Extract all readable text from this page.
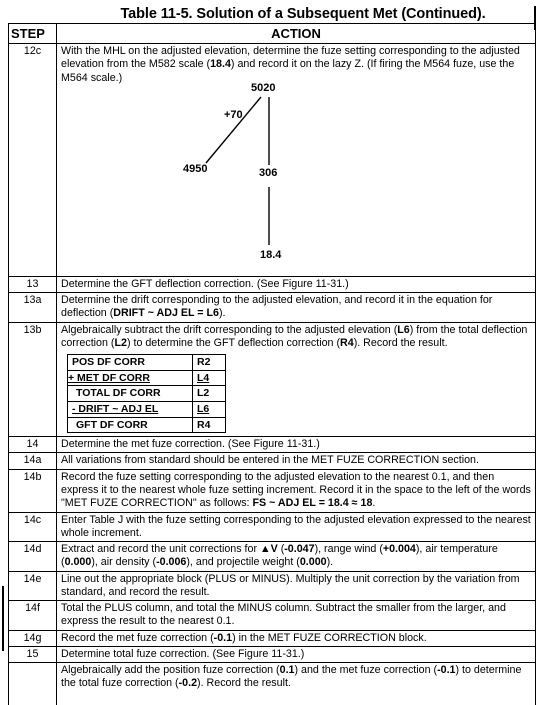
Table 11-5. Solution of a Subsequent Met (Continued).
STEP	ACTION
12c	With the MHL on the adjusted elevation, determine the fuze setting corresponding to the adjusted elevation from the M582 scale (18.4) and record it on the lazy Z. (If firing the M564 fuze, use the M564 scale.)
5020
+70
4950	306
18.4

13	Determine the GFT deflection correction. (See Figure 11-31.)
13a	Determine the drift corresponding to the adjusted elevation, and record it in the equation for deflection (DRIFT ~ ADJ EL = L6).
13b	Algebraically subtract the drift corresponding to the adjusted elevation (L6) from the total deflection correction (L2) to determine the GFT deflection correction (R4). Record the result.
POS DF CORR	R2
+ MET DF CORR	L4
TOTAL DF CORR	L2
- DRIFT ~ ADJ EL	L6
GFT DF CORR	R4

14	Determine the met fuze correction. (See Figure 11-31.)
14a	All variations from standard should be entered in the MET FUZE CORRECTION section.
14b	Record the fuze setting corresponding to the adjusted elevation to the nearest 0.1, and then express it to the nearest whole fuze setting increment. Record it in the space to the left of the words "MET FUZE CORRECTION" as follows: FS ~ ADJ EL = 18.4 ≈ 18.
14c	Enter Table J with the fuze setting corresponding to the adjusted elevation expressed to the nearest whole increment.
14d	Extract and record the unit corrections for ▲V (-0.047), range wind (+0.004), air temperature (0.000), air density (-0.006), and projectile weight (0.000).
14e	Line out the appropriate block (PLUS or MINUS). Multiply the unit correction by the variation from standard, and record the result.
14f	Total the PLUS column, and total the MINUS column. Subtract the smaller from the larger, and express the result to the nearest 0.1.
14g	Record the met fuze correction (-0.1) in the MET FUZE CORRECTION block.
15	Determine total fuze correction. (See Figure 11-31.)
	Algebraically add the position fuze correction (0.1) and the met fuze correction (-0.1) to determine the total fuze correction (-0.2). Record the result.
